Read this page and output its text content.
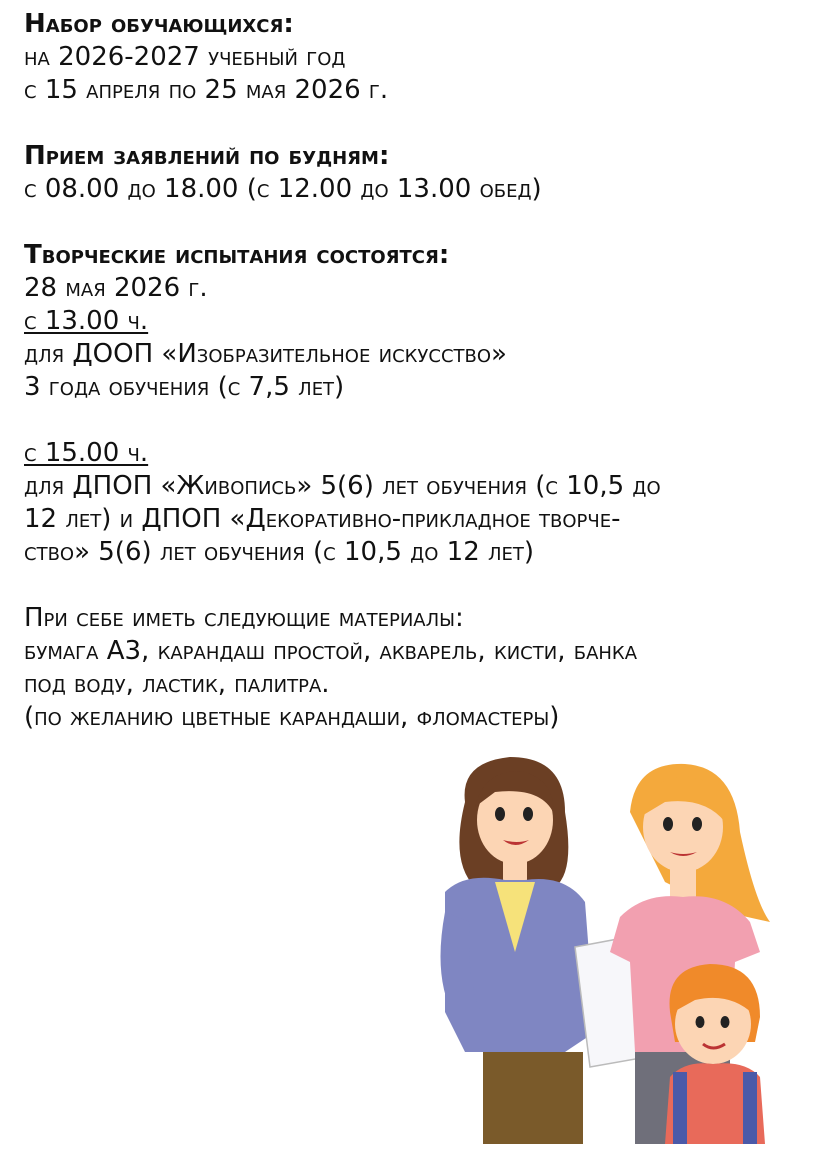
Набор обучающихся:
на 2026-2027 учебный год
с 15 апреля по 25 мая 2026 г.
Прием заявлений по будням:
с 08.00 до 18.00 (с 12.00 до 13.00 обед)
Творческие испытания состоятся:
28 мая 2026 г.
с 13.00 ч.
для ДООП «Изобразительное искусство»
3 года обучения (с 7,5 лет)
с 15.00 ч.
для ДПОП «Живопись» 5(6) лет обучения (с 10,5 до
12 лет) и ДПОП «Декоративно-прикладное творче-
ство» 5(6) лет обучения (с 10,5 до 12 лет)
При себе иметь следующие материалы:
бумага А3, карандаш простой, акварель, кисти, банка
под воду, ластик, палитра.
(по желанию цветные карандаши, фломастеры)
